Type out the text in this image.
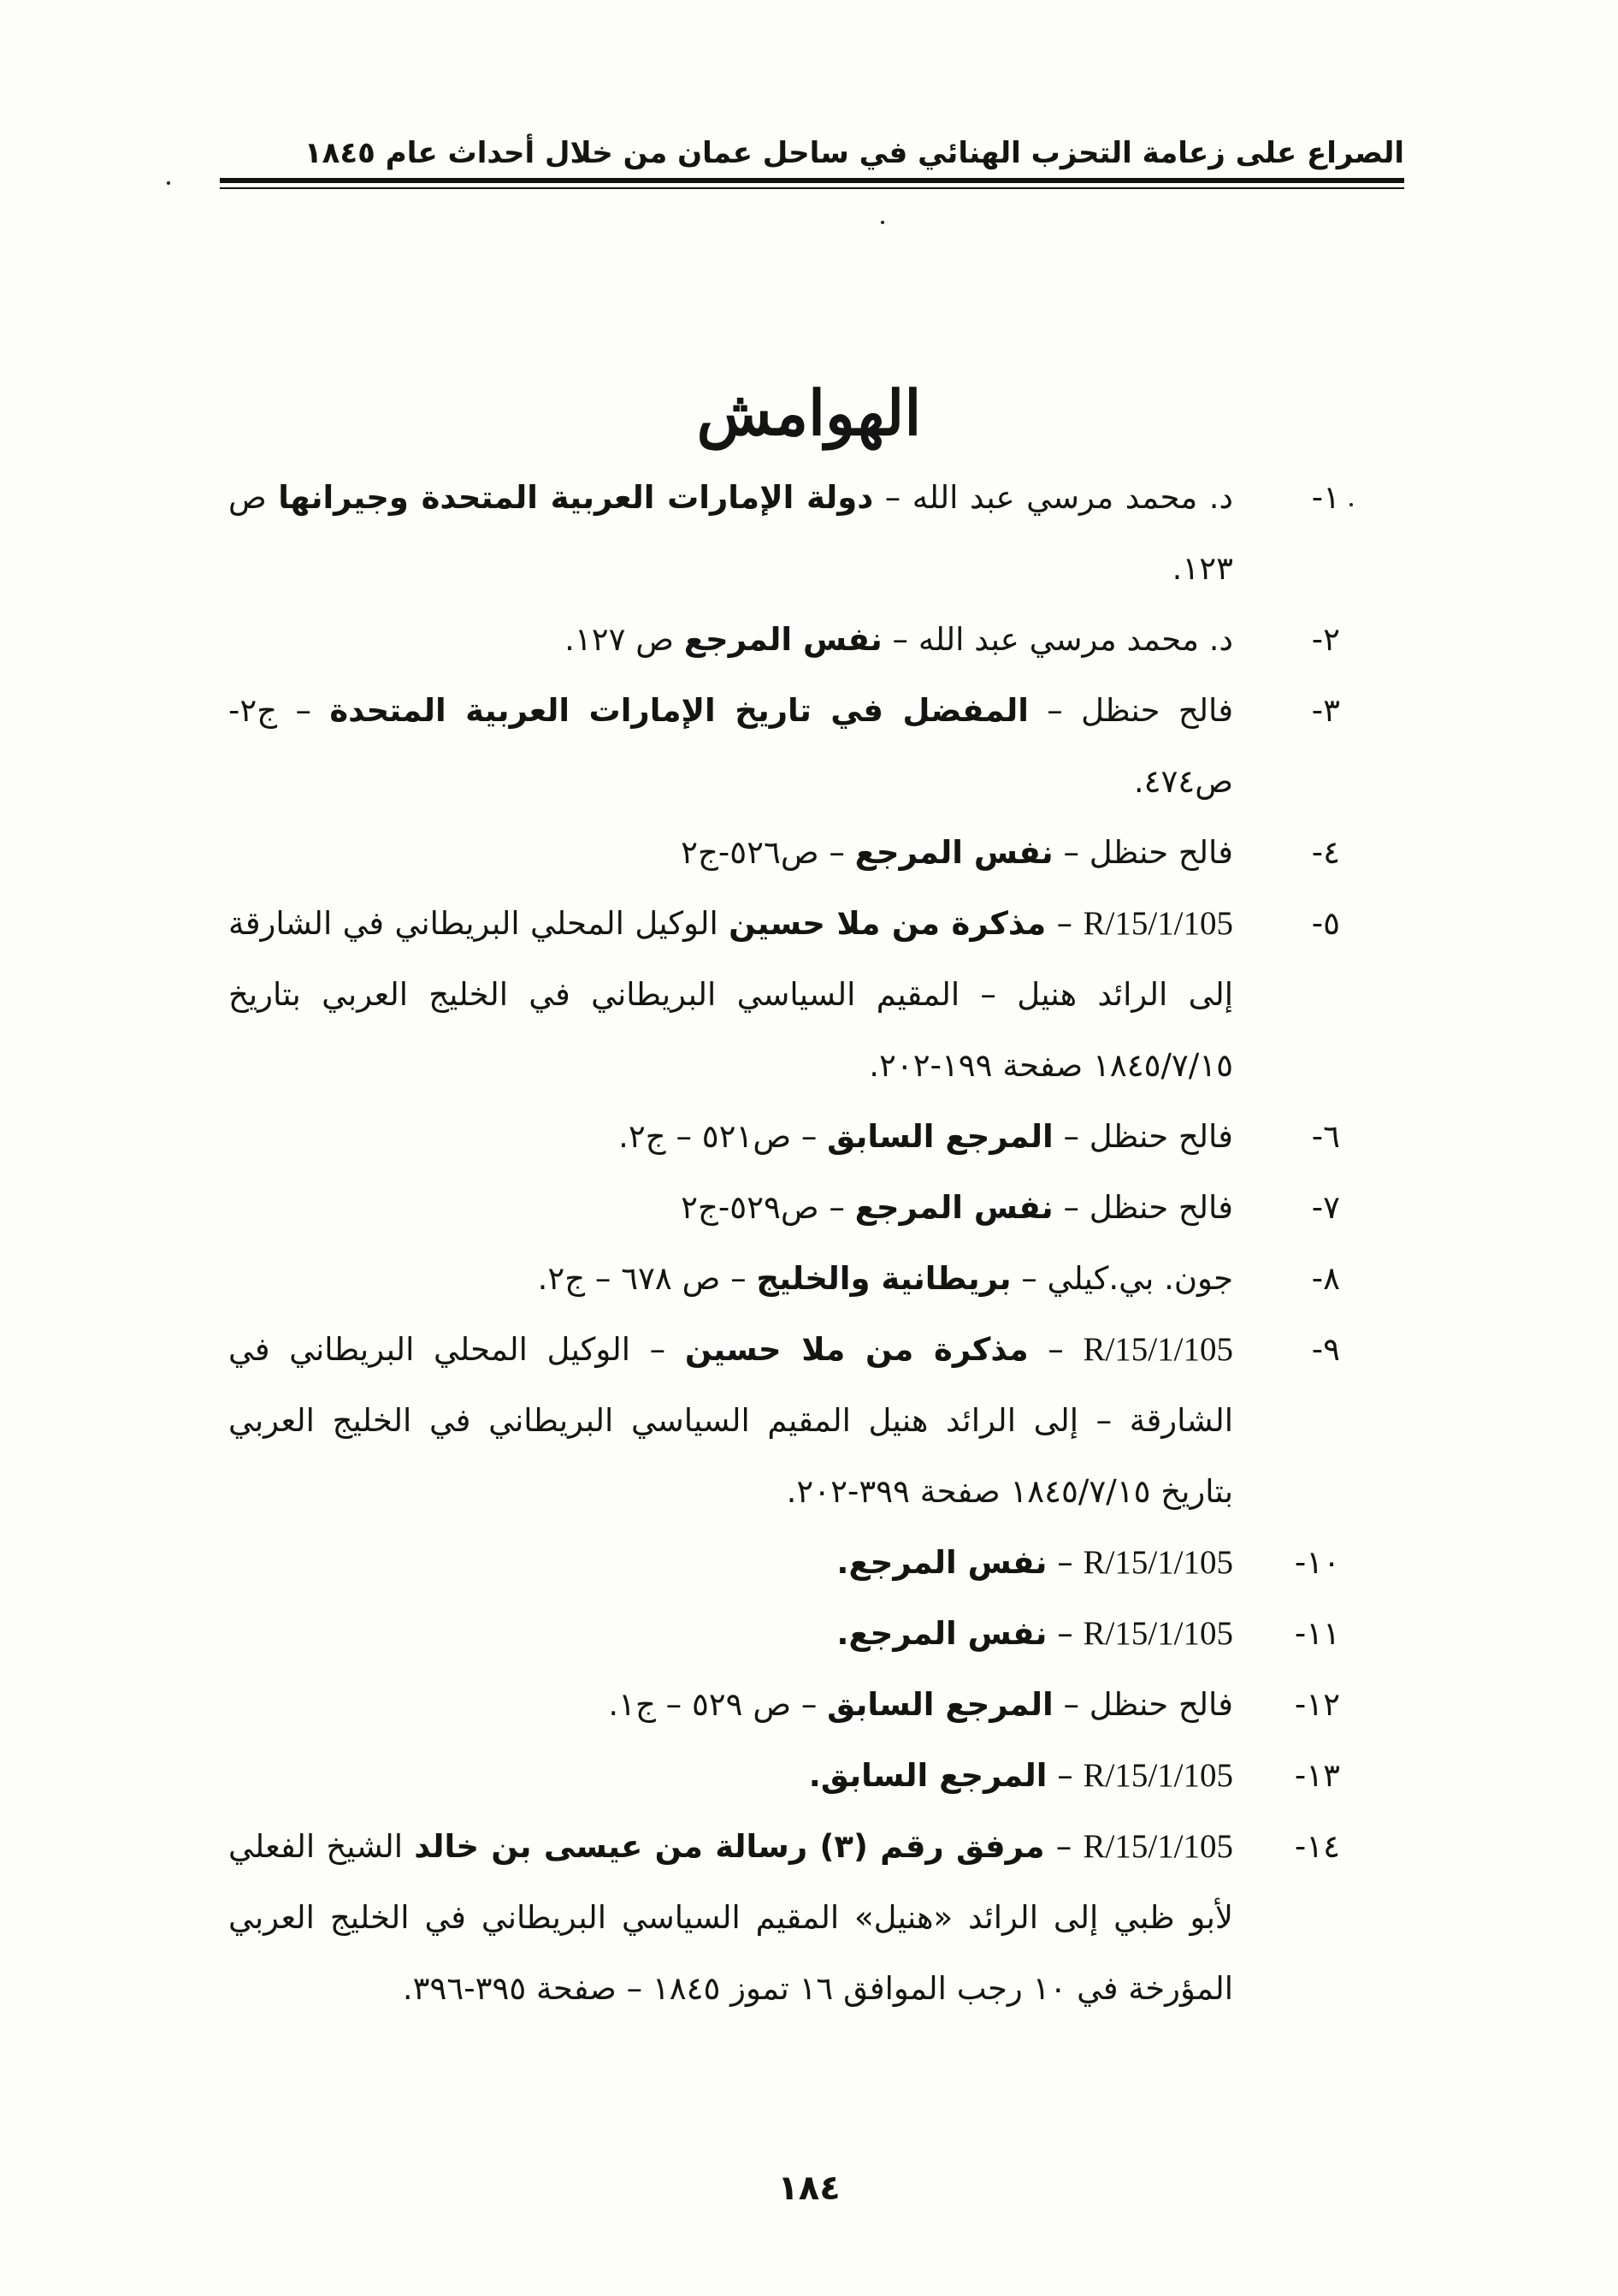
الصراع على زعامة التحزب الهنائي في ساحل عمان من خلال أحداث عام ١٨٤٥
الهوامش
١-
د. محمد مرسي عبد الله – دولة الإمارات العربية المتحدة وجيرانها ص ١٢٣.
٢-
د. محمد مرسي عبد الله – نفس المرجع ص ١٢٧.
٣-
فالح حنظل – المفضل في تاريخ الإمارات العربية المتحدة – ج٢- ص٤٧٤.
٤-
فالح حنظل – نفس المرجع – ص٥٢٦-ج٢
٥-
R/15/1/105 – مذكرة من ملا حسين الوكيل المحلي البريطاني في الشارقة إلى الرائد هنيل – المقيم السياسي البريطاني في الخليج العربي بتاريخ ١٨٤٥/٧/١٥ صفحة ١٩٩-٢٠٢.
٦-
فالح حنظل – المرجع السابق – ص٥٢١ – ج٢.
٧-
فالح حنظل – نفس المرجع – ص٥٢٩-ج٢
٨-
جون. بي.كيلي – بريطانية والخليج – ص ٦٧٨ – ج٢.
٩-
R/15/1/105 – مذكرة من ملا حسين – الوكيل المحلي البريطاني في الشارقة – إلى الرائد هنيل المقيم السياسي البريطاني في الخليج العربي بتاريخ ١٨٤٥/٧/١٥ صفحة ٣٩٩-٢٠٢.
١٠-
R/15/1/105 – نفس المرجع.
١١-
R/15/1/105 – نفس المرجع.
١٢-
فالح حنظل – المرجع السابق – ص ٥٢٩ – ج١.
١٣-
R/15/1/105 – المرجع السابق.
١٤-
R/15/1/105 – مرفق رقم (٣) رسالة من عيسى بن خالد الشيخ الفعلي لأبو ظبي إلى الرائد «هنيل» المقيم السياسي البريطاني في الخليج العربي المؤرخة في ١٠ رجب الموافق ١٦ تموز ١٨٤٥ – صفحة ٣٩٥-٣٩٦.
١٨٤
